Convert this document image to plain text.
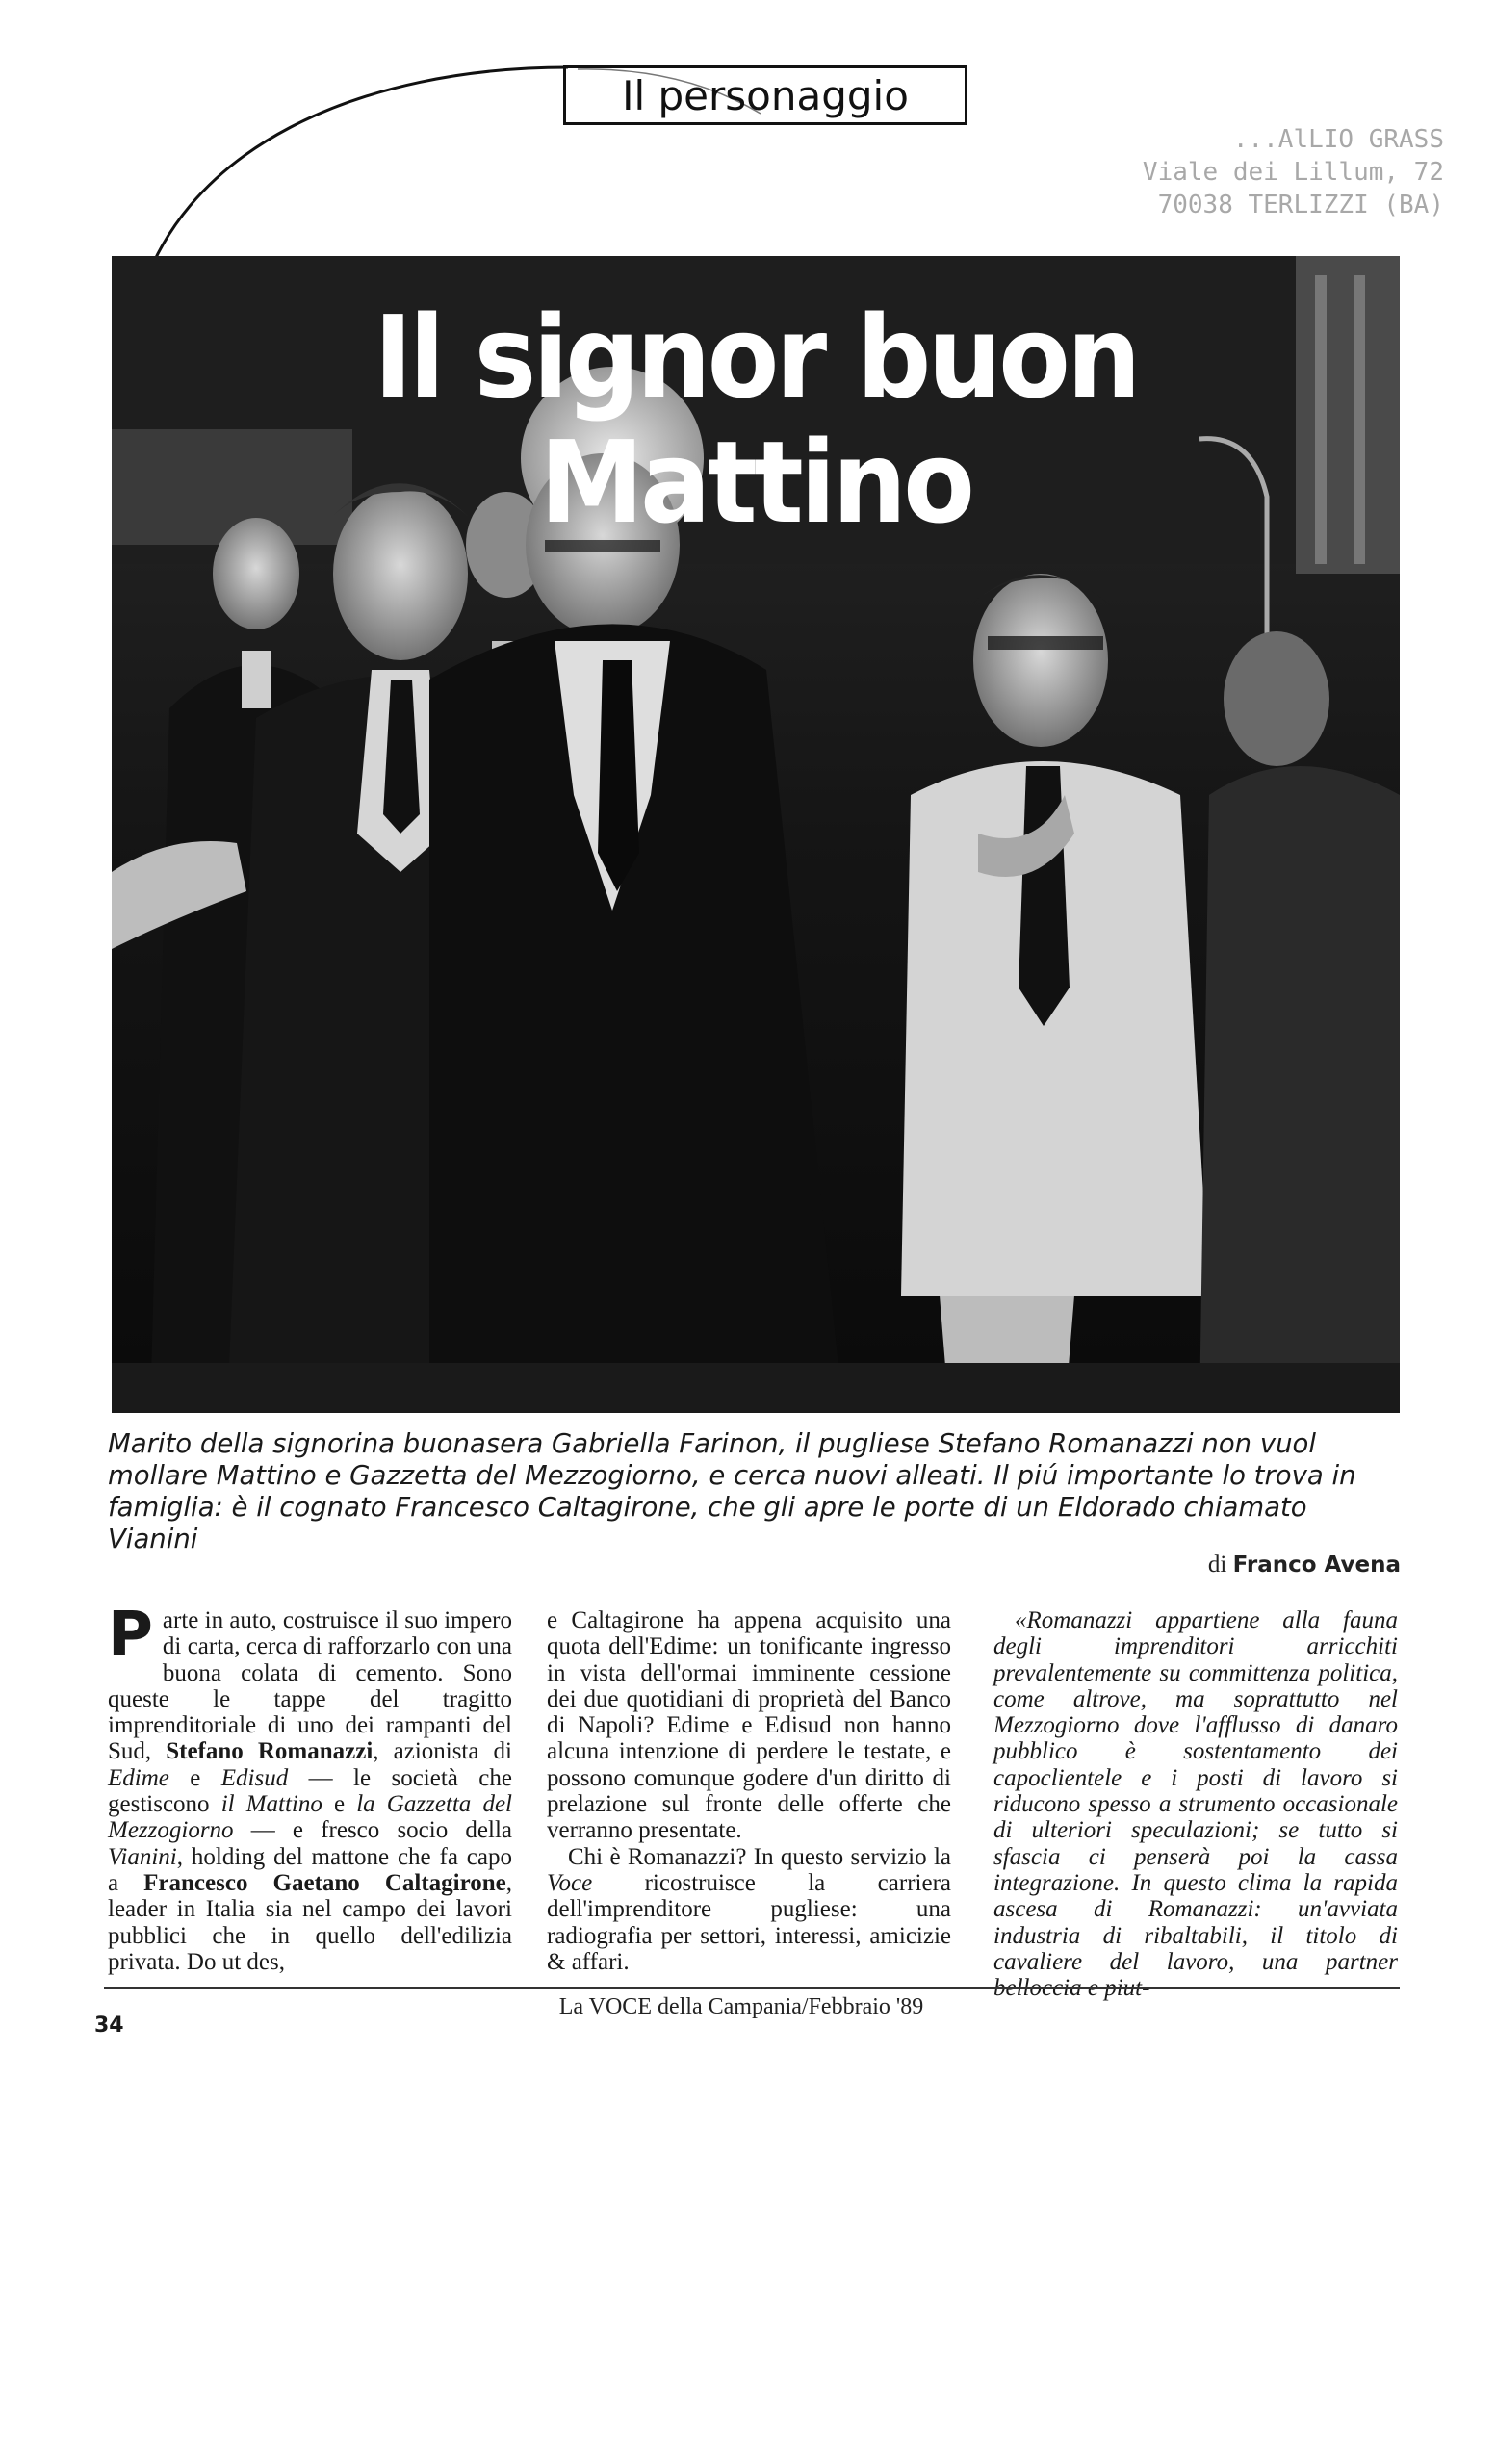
Il personaggio
...AlLIO GRASS
Viale dei Lillum, 72
70038 TERLIZZI (BA)
Il signor buon Mattino
Marito della signorina buonasera Gabriella Farinon, il pugliese Stefano Romanazzi non vuol mollare Mattino e Gazzetta del Mezzogiorno, e cerca nuovi alleati. Il piú importante lo trova in famiglia: è il cognato Francesco Caltagirone, che gli apre le porte di un Eldorado chiamato Vianini
di Franco Avena

Parte in auto, costruisce il suo impero di carta, cerca di rafforzarlo con una buona colata di cemento. Sono queste le tappe del tragitto imprenditoriale di uno dei rampanti del Sud, Stefano Romanazzi, azionista di Edime e Edisud — le società che gestiscono il Mattino e la Gazzetta del Mezzogiorno — e fresco socio della Vianini, holding del mattone che fa capo a Francesco Gaetano Caltagirone, leader in Italia sia nel campo dei lavori pubblici che in quello dell'edilizia privata. Do ut des,

e Caltagirone ha appena acquisito una quota dell'Edime: un tonificante ingresso in vista dell'ormai imminente cessione dei due quotidiani di proprietà del Banco di Napoli? Edime e Edisud non hanno alcuna intenzione di perdere le testate, e possono comunque godere d'un diritto di prelazione sul fronte delle offerte che verranno presentate.

Chi è Romanazzi? In questo servizio la Voce ricostruisce la carriera dell'imprenditore pugliese: una radiografia per settori, interessi, amicizie & affari.

«Romanazzi appartiene alla fauna degli imprenditori arricchiti prevalentemente su committenza politica, come altrove, ma soprattutto nel Mezzogiorno dove l'afflusso di danaro pubblico è sostentamento dei capoclientele e i posti di lavoro si riducono spesso a strumento occasionale di ulteriori speculazioni; se tutto si sfascia ci penserà poi la cassa integrazione. In questo clima la rapida ascesa di Romanazzi: un'avviata industria di ribaltabili, il titolo di cavaliere del lavoro, una partner belloccia e piut-

34
La VOCE della Campania/Febbraio '89
